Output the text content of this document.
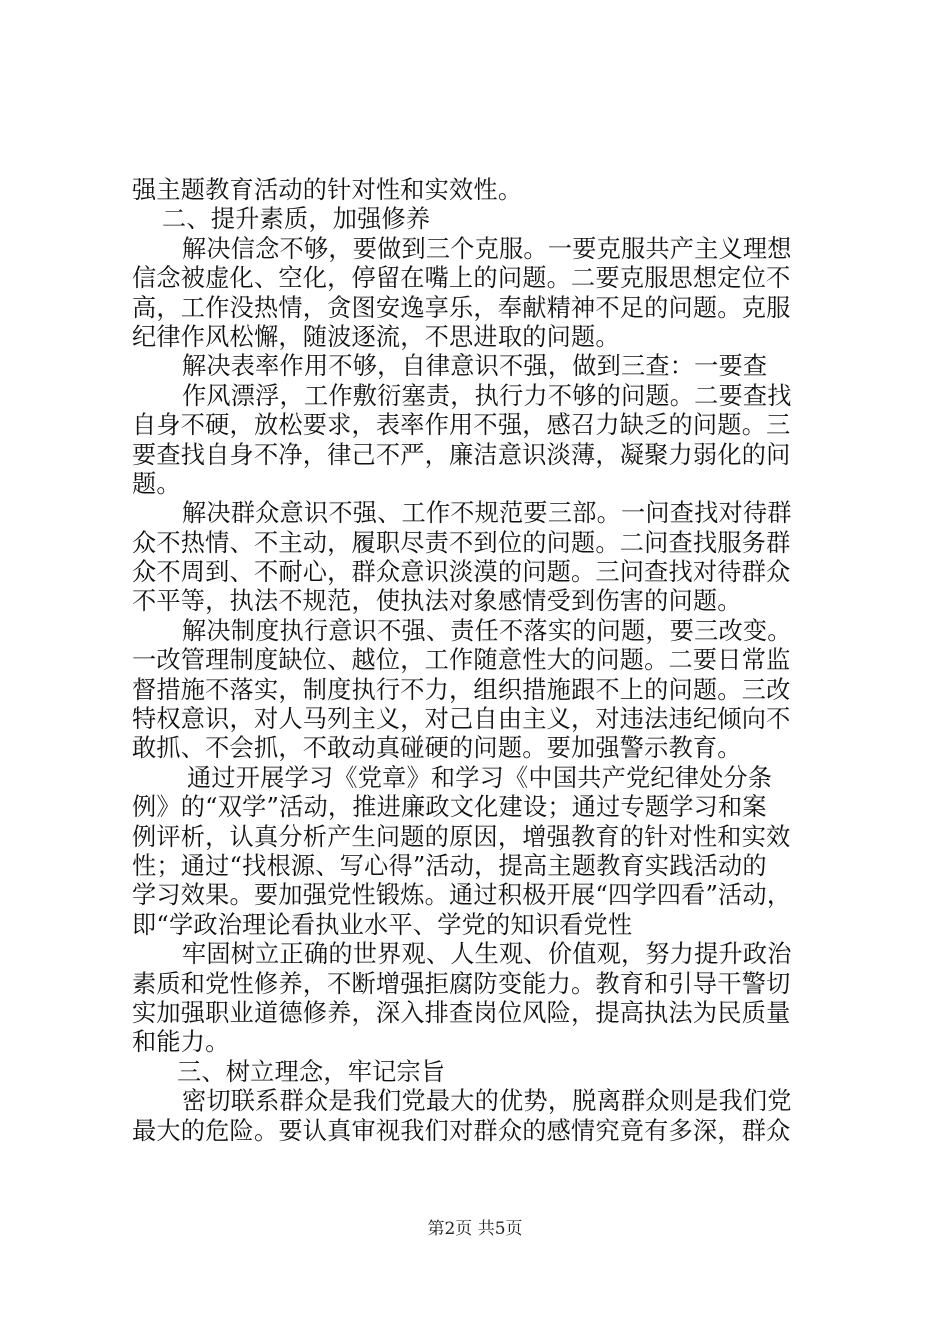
强主题教育活动的针对性和实效性。
二、提升素质，加强修养
解决信念不够，要做到三个克服。一要克服共产主义理想
信念被虚化、空化，停留在嘴上的问题。二要克服思想定位不
高，工作没热情，贪图安逸享乐，奉献精神不足的问题。克服
纪律作风松懈，随波逐流，不思进取的问题。
解决表率作用不够，自律意识不强，做到三查：一要查
作风漂浮，工作敷衍塞责，执行力不够的问题。二要查找
自身不硬，放松要求，表率作用不强，感召力缺乏的问题。三
要查找自身不净，律己不严，廉洁意识淡薄，凝聚力弱化的问
题。
解决群众意识不强、工作不规范要三部。一问查找对待群
众不热情、不主动，履职尽责不到位的问题。二问查找服务群
众不周到、不耐心，群众意识淡漠的问题。三问查找对待群众
不平等，执法不规范，使执法对象感情受到伤害的问题。
解决制度执行意识不强、责任不落实的问题，要三改变。
一改管理制度缺位、越位，工作随意性大的问题。二要日常监
督措施不落实，制度执行不力，组织措施跟不上的问题。三改
特权意识，对人马列主义，对己自由主义，对违法违纪倾向不
敢抓、不会抓，不敢动真碰硬的问题。要加强警示教育。
通过开展学习《党章》和学习《中国共产党纪律处分条
例》的“双学”活动，推进廉政文化建设；通过专题学习和案
例评析，认真分析产生问题的原因，增强教育的针对性和实效
性；通过“找根源、写心得”活动，提高主题教育实践活动的
学习效果。要加强党性锻炼。通过积极开展“四学四看”活动，
即“学政治理论看执业水平、学党的知识看党性
牢固树立正确的世界观、人生观、价值观，努力提升政治
素质和党性修养，不断增强拒腐防变能力。教育和引导干警切
实加强职业道德修养，深入排查岗位风险，提高执法为民质量
和能力。
三、树立理念，牢记宗旨
密切联系群众是我们党最大的优势，脱离群众则是我们党
最大的危险。要认真审视我们对群众的感情究竟有多深，群众
第2页 共5页
